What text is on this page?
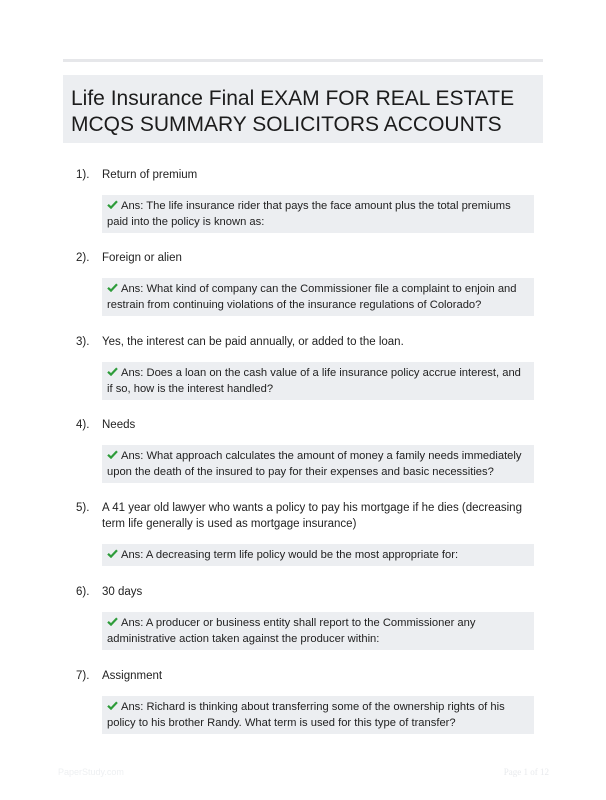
Life Insurance Final EXAM FOR REAL ESTATE MCQS SUMMARY SOLICITORS ACCOUNTS
1). Return of premium
Ans: The life insurance rider that pays the face amount plus the total premiums paid into the policy is known as:
2). Foreign or alien
Ans: What kind of company can the Commissioner file a complaint to enjoin and restrain from continuing violations of the insurance regulations of Colorado?
3). Yes, the interest can be paid annually, or added to the loan.
Ans: Does a loan on the cash value of a life insurance policy accrue interest, and if so, how is the interest handled?
4). Needs
Ans: What approach calculates the amount of money a family needs immediately upon the death of the insured to pay for their expenses and basic necessities?
5). A 41 year old lawyer who wants a policy to pay his mortgage if he dies (decreasing term life generally is used as mortgage insurance)
Ans: A decreasing term life policy would be the most appropriate for:
6). 30 days
Ans: A producer or business entity shall report to the Commissioner any administrative action taken against the producer within:
7). Assignment
Ans: Richard is thinking about transferring some of the ownership rights of his policy to his brother Randy. What term is used for this type of transfer?
PaperStudy.com	Page 1 of 12
